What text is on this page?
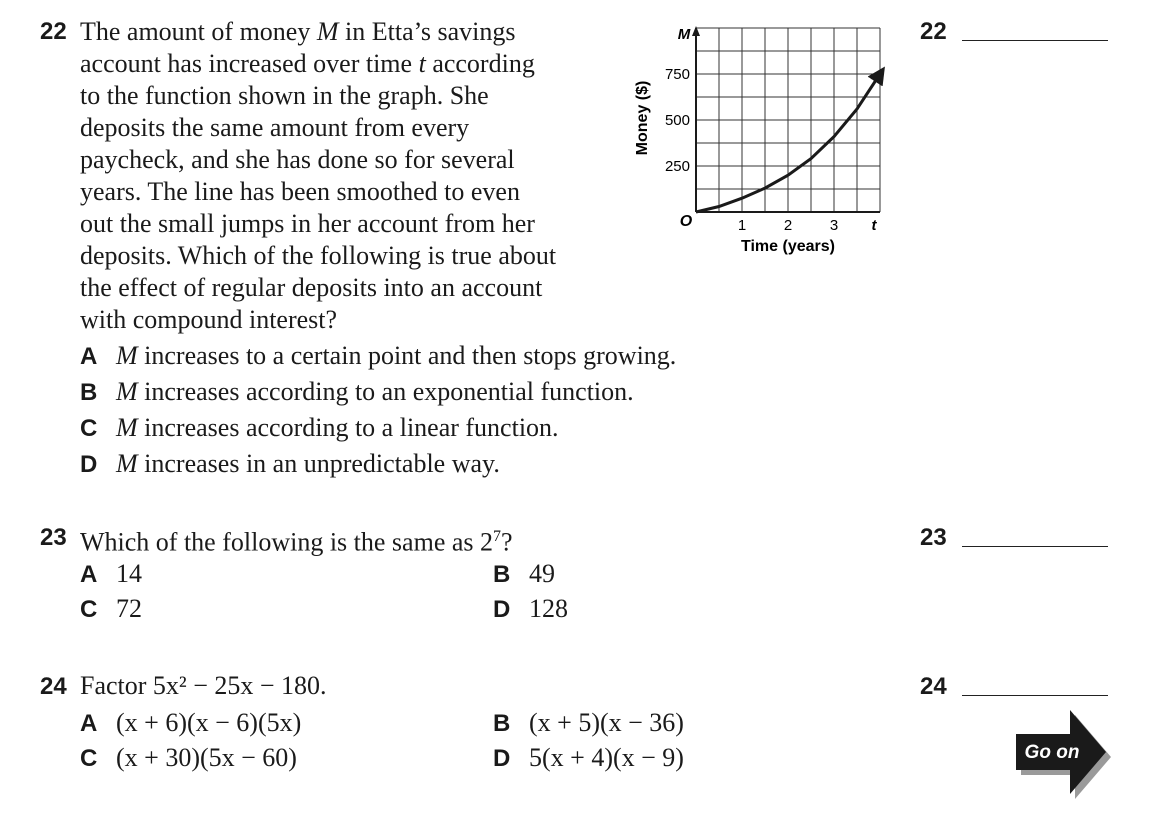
22 The amount of money M in Etta’s savings
account has increased over time t according
to the function shown in the graph. She
deposits the same amount from every
paycheck, and she has done so for several
years. The line has been smoothed to even
out the small jumps in her account from her
deposits. Which of the following is true about
the effect of regular deposits into an account
with compound interest?
M
t
O
250
500
750
1	2	3
Money ($)
Time (years)
A M increases to a certain point and then stops growing.
B M increases according to an exponential function.
C M increases according to a linear function.
D M increases in an unpredictable way.
23 Which of the following is the same as $2^7$?
A 14	B 49
C 72	D 128
24 Factor 5x² − 25x − 180.
A (x + 6)(x − 6)(5x)	B (x + 5)(x − 36)
C (x + 30)(5x − 60)	D 5(x + 4)(x − 9)
22
23
24
Go on
